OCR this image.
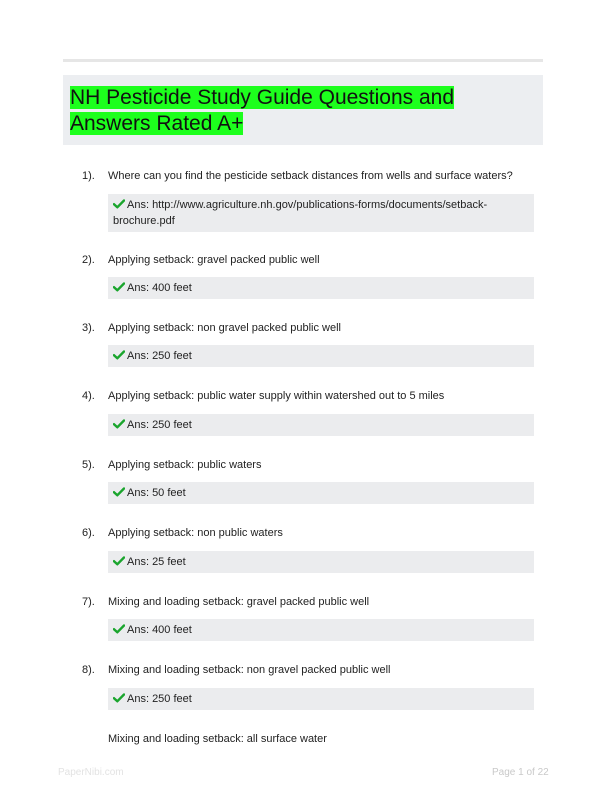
NH Pesticide Study Guide Questions and Answers Rated A+
1). Where can you find the pesticide setback distances from wells and surface waters?
Ans: http://www.agriculture.nh.gov/publications-forms/documents/setback-brochure.pdf
2). Applying setback: gravel packed public well
Ans: 400 feet
3). Applying setback: non gravel packed public well
Ans: 250 feet
4). Applying setback: public water supply within watershed out to 5 miles
Ans: 250 feet
5). Applying setback: public waters
Ans: 50 feet
6). Applying setback: non public waters
Ans: 25 feet
7). Mixing and loading setback: gravel packed public well
Ans: 400 feet
8). Mixing and loading setback: non gravel packed public well
Ans: 250 feet
Mixing and loading setback: all surface water
PaperNibi.com	Page 1 of 22
